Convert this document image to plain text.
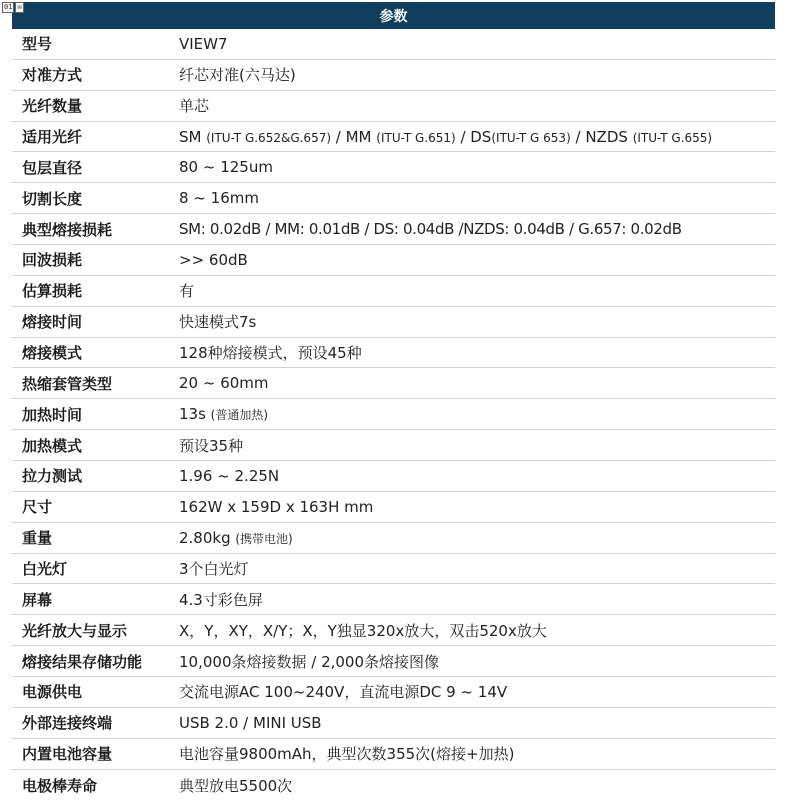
01 ✉
参数
型号	VIEW7
对准方式	纤芯对准(六马达)
光纤数量	单芯
适用光纤	SM (ITU-T G.652&G.657) / MM (ITU-T G.651) / DS(ITU-T G 653) / NZDS (ITU-T G.655)
包层直径	80 ~ 125um
切割长度	8 ~ 16mm
典型熔接损耗	SM: 0.02dB / MM: 0.01dB / DS: 0.04dB /NZDS: 0.04dB / G.657: 0.02dB
回波损耗	>> 60dB
估算损耗	有
熔接时间	快速模式7s
熔接模式	128种熔接模式，预设45种
热缩套管类型	20 ~ 60mm
加热时间	13s (普通加热)
加热模式	预设35种
拉力测试	1.96 ~ 2.25N
尺寸	162W x 159D x 163H mm
重量	2.80kg (携带电池)
白光灯	3个白光灯
屏幕	4.3寸彩色屏
光纤放大与显示	X，Y，XY，X/Y；X，Y独显320x放大，双击520x放大
熔接结果存储功能	10,000条熔接数据 / 2,000条熔接图像
电源供电	交流电源AC 100~240V，直流电源DC 9 ~ 14V
外部连接终端	USB 2.0 / MINI USB
内置电池容量	电池容量9800mAh，典型次数355次(熔接+加热)
电极棒寿命	典型放电5500次
